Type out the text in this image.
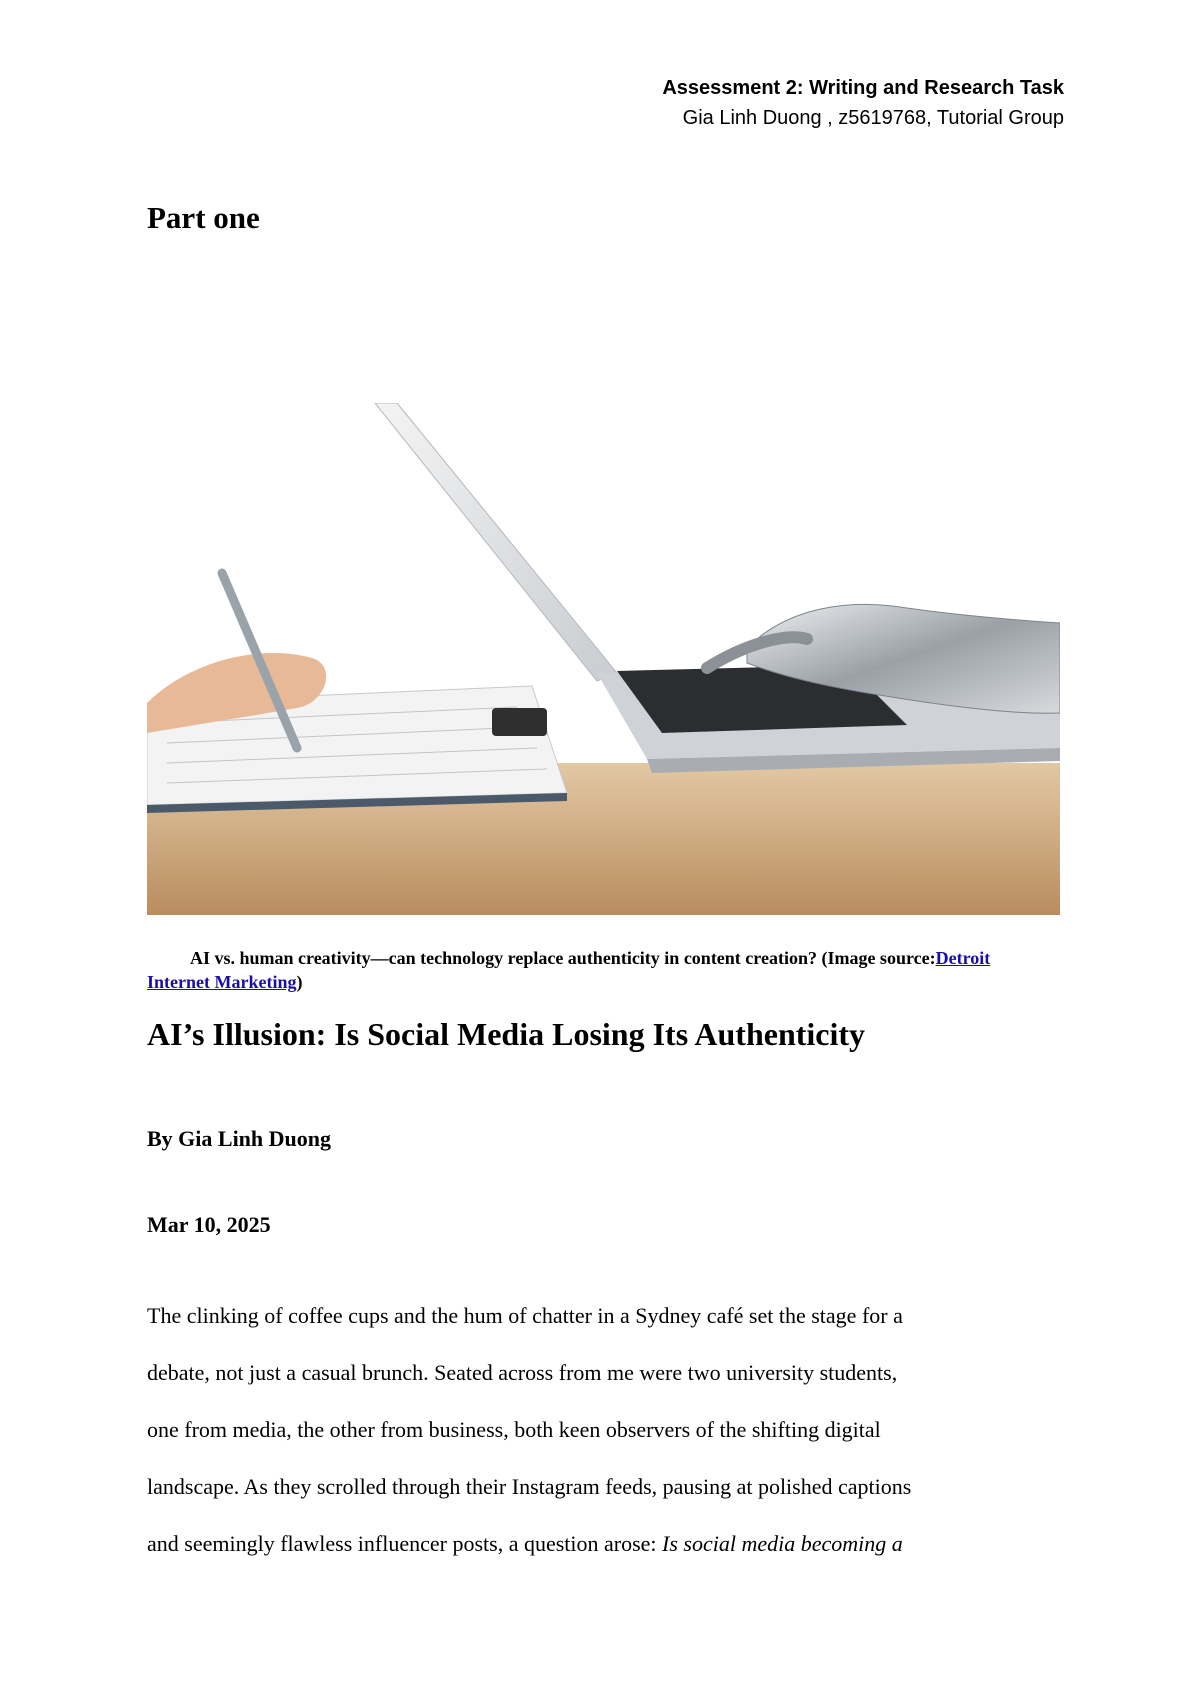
Assessment 2: Writing and Research Task
Gia Linh Duong , z5619768, Tutorial Group
Part one
AI vs. human creativity—can technology replace authenticity in content creation? (Image source:Detroit Internet Marketing)
AI’s Illusion: Is Social Media Losing Its Authenticity
By Gia Linh Duong
Mar 10, 2025
The clinking of coffee cups and the hum of chatter in a Sydney café set the stage for a
debate, not just a casual brunch. Seated across from me were two university students,
one from media, the other from business, both keen observers of the shifting digital
landscape. As they scrolled through their Instagram feeds, pausing at polished captions
and seemingly flawless influencer posts, a question arose: Is social media becoming a
